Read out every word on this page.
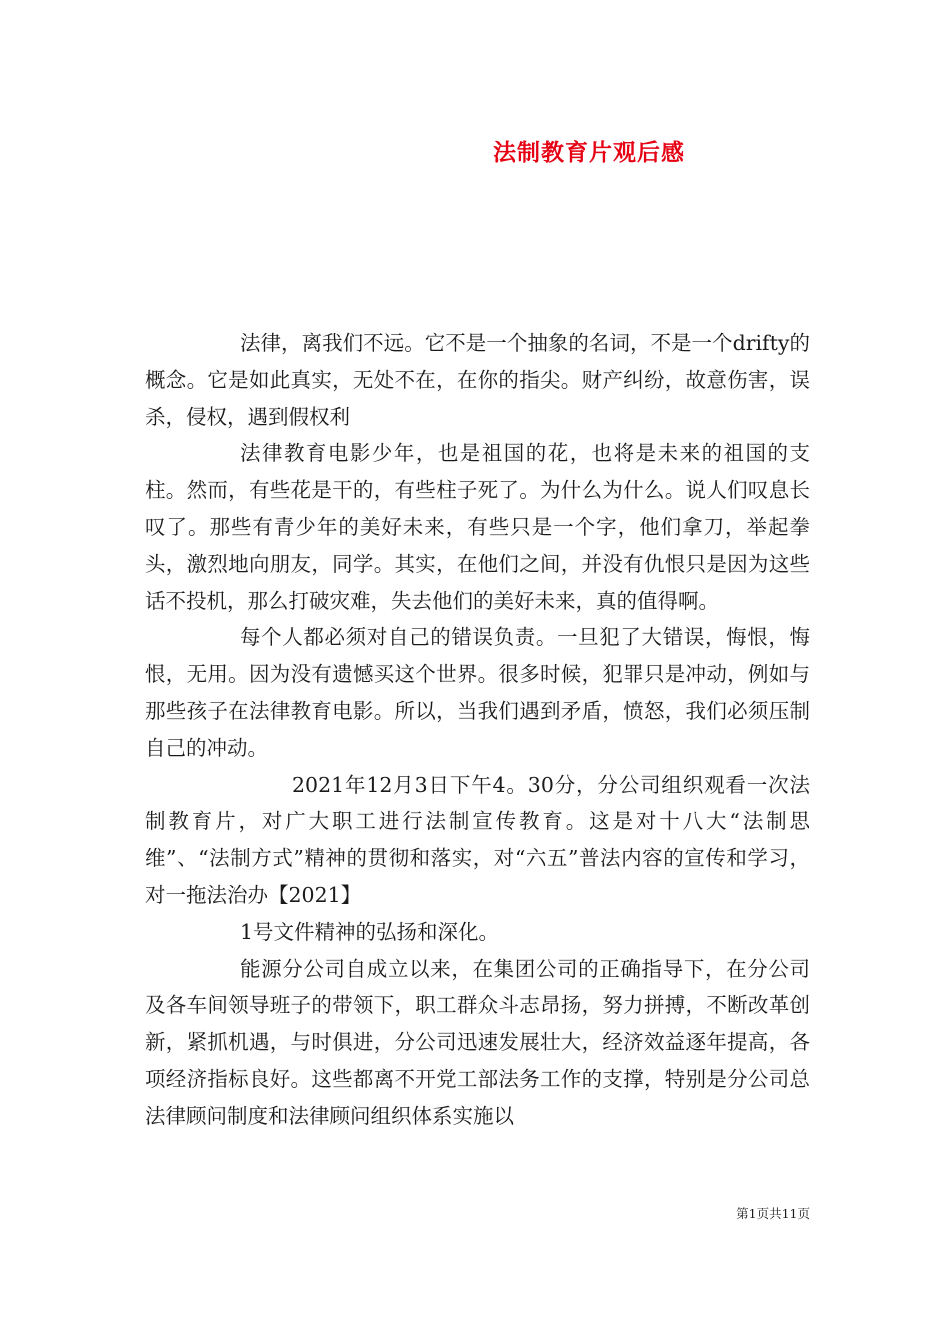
法制教育片观后感

法律，离我们不远。它不是一个抽象的名词，不是一个drifty的概念。它是如此真实，无处不在，在你的指尖。财产纠纷，故意伤害，误杀，侵权，遇到假权利

法律教育电影少年，也是祖国的花，也将是未来的祖国的支柱。然而，有些花是干的，有些柱子死了。为什么为什么。说人们叹息长叹了。那些有青少年的美好未来，有些只是一个字，他们拿刀，举起拳头，激烈地向朋友，同学。其实，在他们之间，并没有仇恨只是因为这些话不投机，那么打破灾难，失去他们的美好未来，真的值得啊。

每个人都必须对自己的错误负责。一旦犯了大错误，悔恨，悔恨，无用。因为没有遗憾买这个世界。很多时候，犯罪只是冲动，例如与那些孩子在法律教育电影。所以，当我们遇到矛盾，愤怒，我们必须压制自己的冲动。

2021年12月3日下午4。30分，分公司组织观看一次法制教育片，对广大职工进行法制宣传教育。这是对十八大“法制思维”、“法制方式”精神的贯彻和落实，对“六五”普法内容的宣传和学习，对一拖法治办【2021】

1号文件精神的弘扬和深化。

能源分公司自成立以来，在集团公司的正确指导下，在分公司及各车间领导班子的带领下，职工群众斗志昂扬，努力拼搏，不断改革创新，紧抓机遇，与时俱进，分公司迅速发展壮大，经济效益逐年提高，各项经济指标良好。这些都离不开党工部法务工作的支撑，特别是分公司总法律顾问制度和法律顾问组织体系实施以

第1页共11页
